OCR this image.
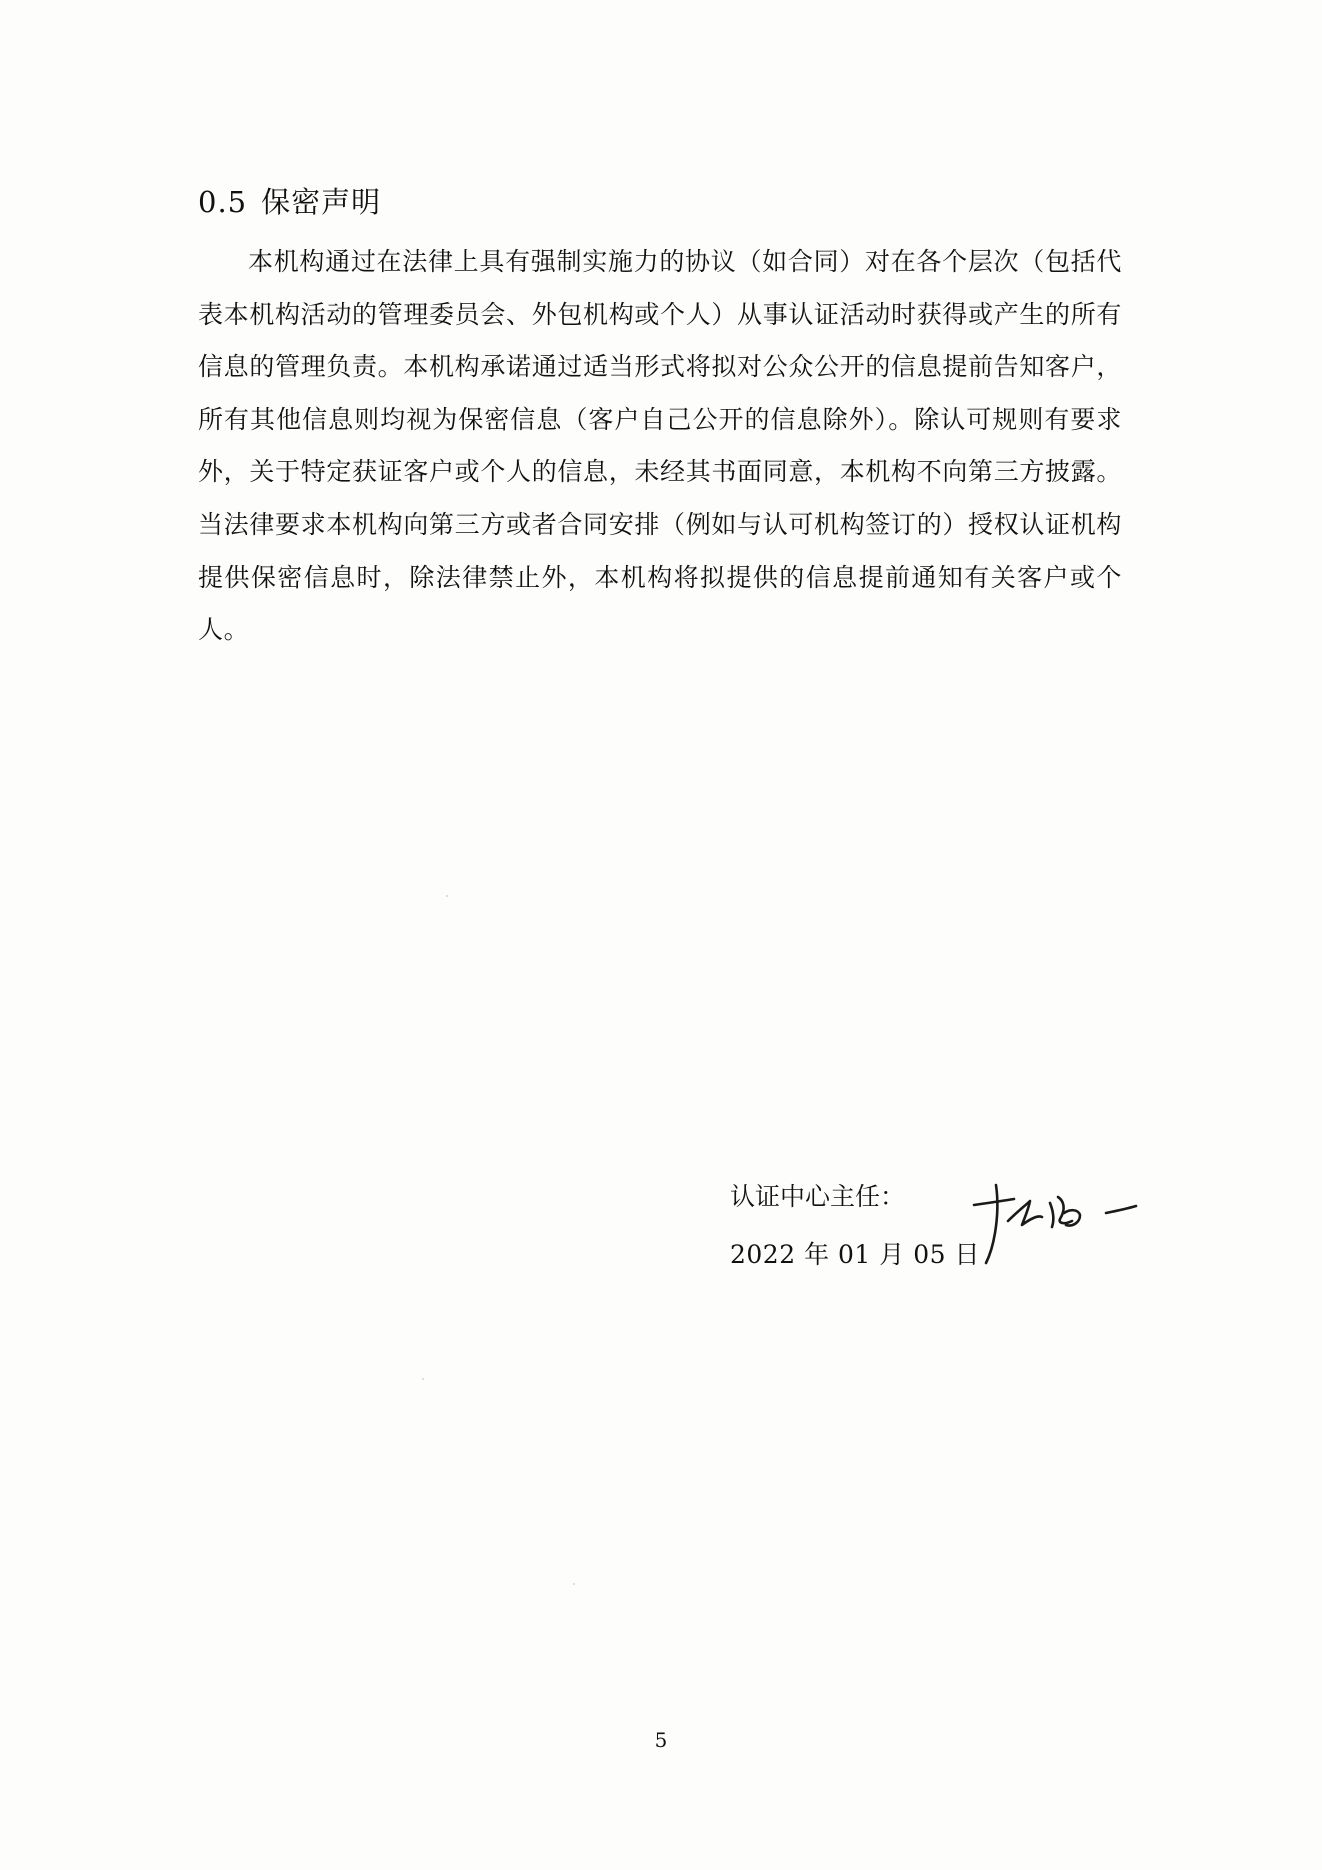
0.5 保密声明
本机构通过在法律上具有强制实施力的协议（如合同）对在各个层次（包括代表本机构活动的管理委员会、外包机构或个人）从事认证活动时获得或产生的所有信息的管理负责。本机构承诺通过适当形式将拟对公众公开的信息提前告知客户，所有其他信息则均视为保密信息（客户自己公开的信息除外）。除认可规则有要求外，关于特定获证客户或个人的信息，未经其书面同意，本机构不向第三方披露。当法律要求本机构向第三方或者合同安排（例如与认可机构签订的）授权认证机构提供保密信息时，除法律禁止外，本机构将拟提供的信息提前通知有关客户或个人。
认证中心主任：
2022 年 01 月 05 日
5
